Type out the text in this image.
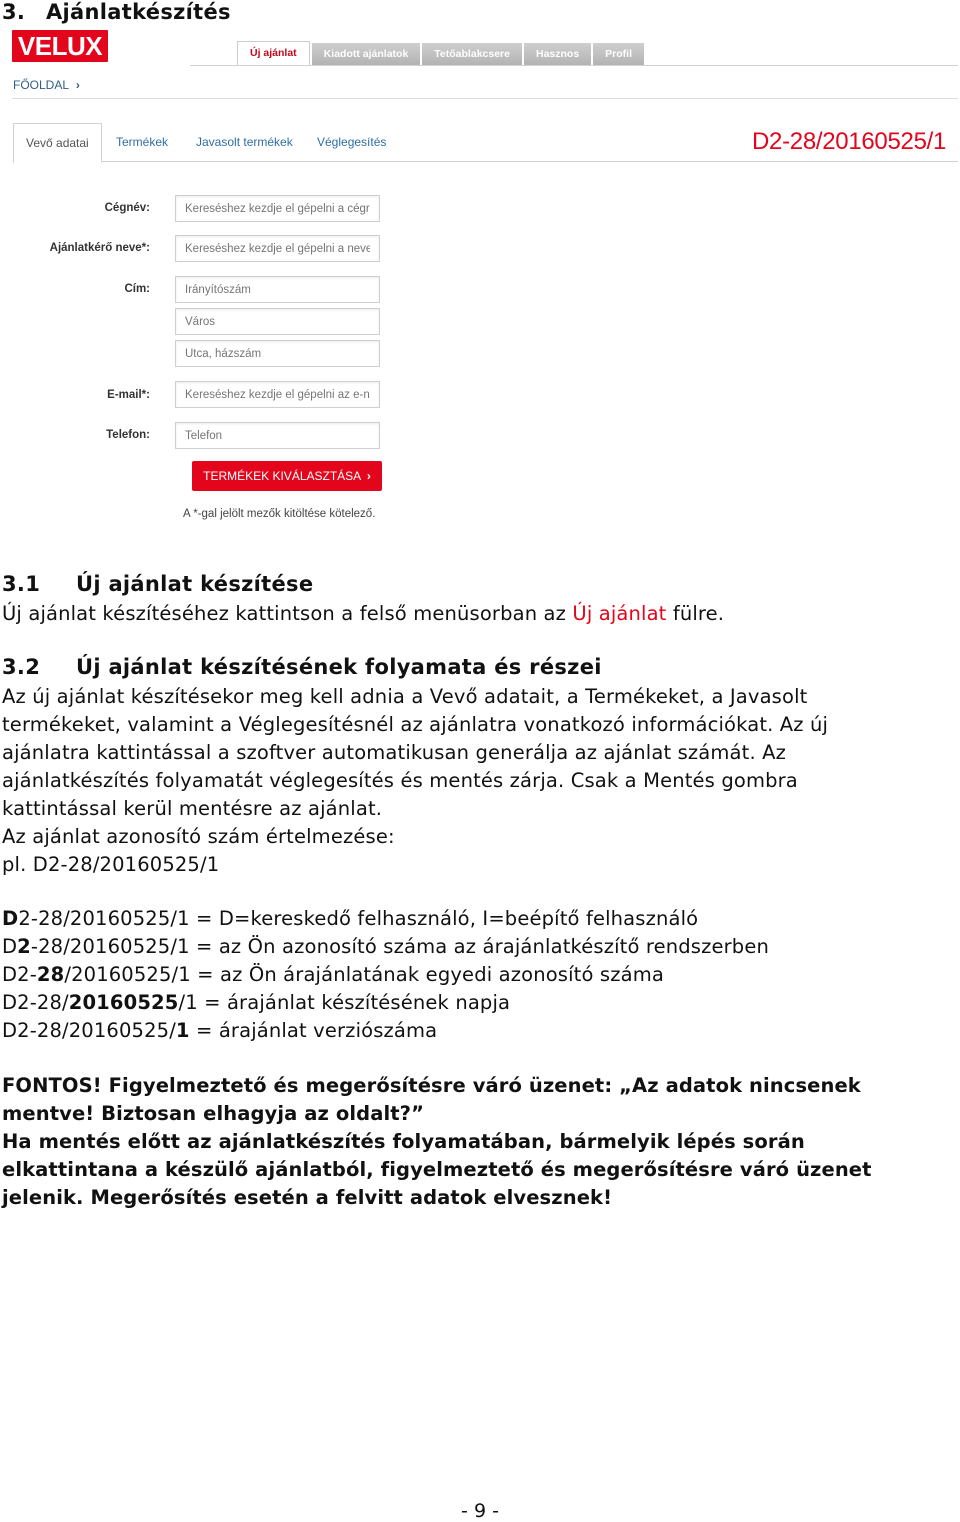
3. Ajánlatkészítés
VELUX	Új ajánlat	Kiadott ajánlatok	Tetőablakcsere	Hasznos	Profil
FŐOLDAL ›
Vevő adatai	Termékek Javasolt termékek Véglegesítés	D2-28/20160525/1
Cégnév:
Kereséshez kezdje el gépelni a cégr
Ajánlatkérő neve*:
Kereséshez kezdje el gépelni a neve
Cím:
Irányítószám
Város
Utca, házszám
E-mail*:
Kereséshez kezdje el gépelni az e-n
Telefon:
Telefon
TERMÉKEK KIVÁLASZTÁSA ›
A *-gal jelölt mezők kitöltése kötelező.
3.1 Új ajánlat készítése
Új ajánlat készítéséhez kattintson a felső menüsorban az Új ajánlat fülre.
3.2 Új ajánlat készítésének folyamata és részei
Az új ajánlat készítésekor meg kell adnia a Vevő adatait, a Termékeket, a Javasolt
termékeket, valamint a Véglegesítésnél az ajánlatra vonatkozó információkat. Az új
ajánlatra kattintással a szoftver automatikusan generálja az ajánlat számát. Az
ajánlatkészítés folyamatát véglegesítés és mentés zárja. Csak a Mentés gombra
kattintással kerül mentésre az ajánlat.
Az ajánlat azonosító szám értelmezése:
pl. D2-28/20160525/1
D2-28/20160525/1 = D=kereskedő felhasználó, I=beépítő felhasználó
D2-28/20160525/1 = az Ön azonosító száma az árajánlatkészítő rendszerben
D2-28/20160525/1 = az Ön árajánlatának egyedi azonosító száma
D2-28/20160525/1 = árajánlat készítésének napja
D2-28/20160525/1 = árajánlat verziószáma
FONTOS! Figyelmeztető és megerősítésre váró üzenet: „Az adatok nincsenek
mentve! Biztosan elhagyja az oldalt?”
Ha mentés előtt az ajánlatkészítés folyamatában, bármelyik lépés során
elkattintana a készülő ajánlatból, figyelmeztető és megerősítésre váró üzenet
jelenik. Megerősítés esetén a felvitt adatok elvesznek!
- 9 -
